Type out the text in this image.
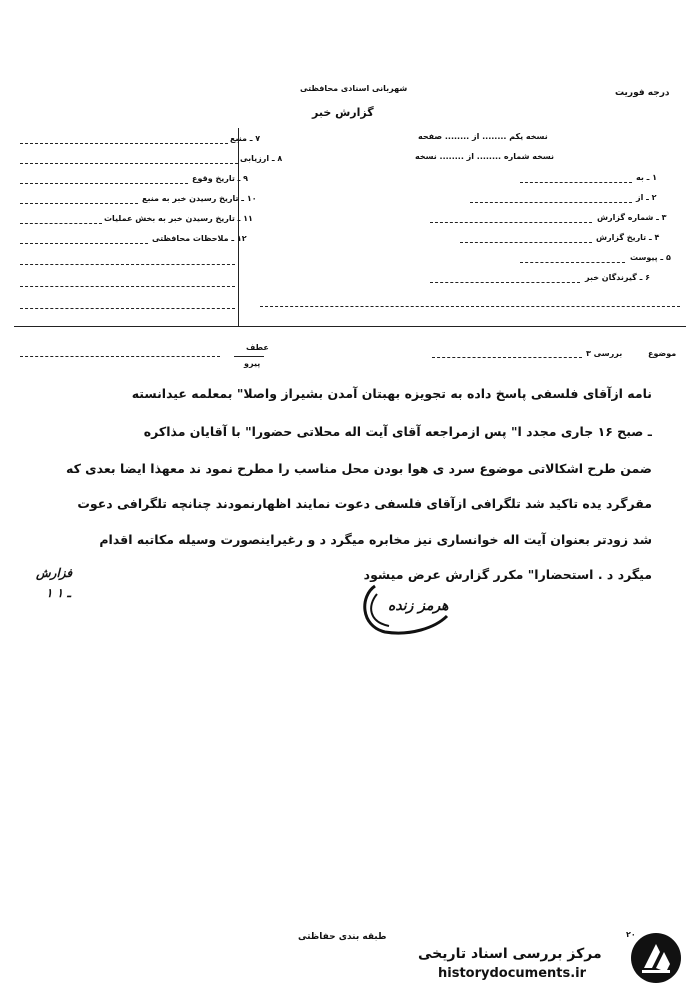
درجه فوریت
شهربانی اسنادی محافظتی
گزارش خبر
۷ ـ منبع
۸ ـ ارزیابی
۹ ـ تاریخ وقوع
۱۰ ـ تاریخ رسیدن خبر به منبع
۱۱ ـ تاریخ رسیدن خبر به بخش عملیات
۱۲ ـ ملاحظات محافظتی
نسخه یکم ........ از ........ صفحه
نسخه شماره ........ از ........ نسخه
۱ ـ به
۲ ـ از
۳ ـ شماره گزارش
۴ ـ تاریخ گزارش
۵ ـ پیوست
۶ ـ گیرندگان خبر
عطف
پیرو
موضوع
بررسی ۳
نامه ازآقای فلسفی پاسخ داده به تجویزه بهبتان آمدن بشیراز واصلا" بمعلمه عیدانسته
ـ صبح ۱۶ جاری مجدد ا" پس ازمراجعه آقای آیت اله محلاتی حضورا" با آقایان مذاکره
ضمن طرح اشکالاتی موضوع سرد ی هوا بودن محل مناسب را مطرح نمود ند معهذا ایضا بعدی که
مقرگرد یده تاکید شد تلگرافی ازآقای فلسفی دعوت نمایند اظهارنمودند چنانچه تلگرافی دعوت
شد زودتر بعنوان آیت اله خوانساری نیز مخابره میگرد د و رغیراینصورت وسیله مکاتبه اقدام
میگرد د . استحضارا" مکرر گزارش عرض میشود
فزارش
۱ ـ ۱
هرمز زنده
طبقه بندی حفاظتی	۲۰
مرکز بررسی اسناد تاریخی
historydocuments.ir
